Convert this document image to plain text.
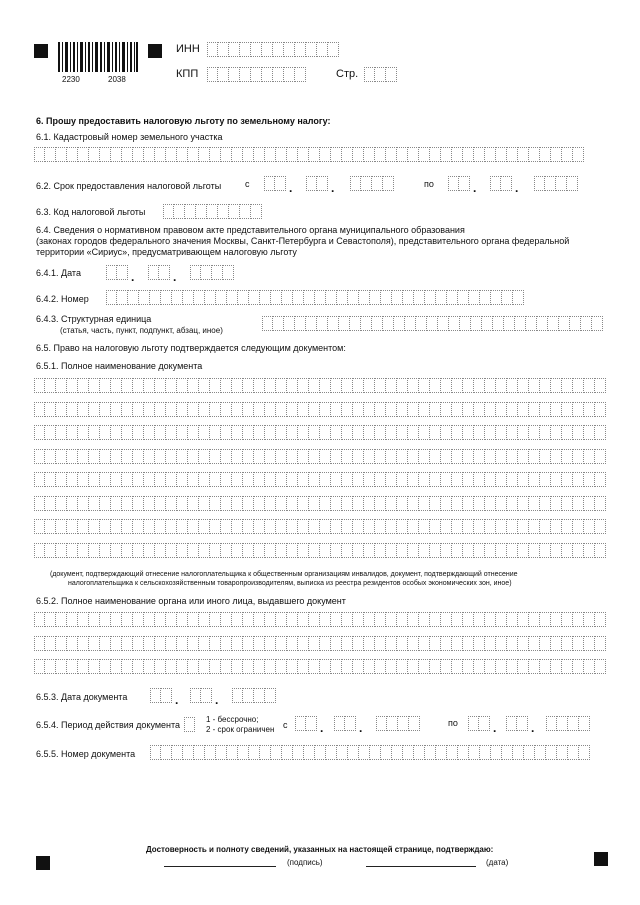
2230	2038
ИНН
КПП	Стр.
6. Прошу предоставить налоговую льготу по земельному налогу:
6.1. Кадастровый номер земельного участка
6.2. Срок предоставления налоговой льготы	с	.	.	по	.	.
6.3. Код налоговой льготы
6.4. Сведения о нормативном правовом акте представительного органа муниципального образования
(законах городов федерального значения Москвы, Санкт-Петербурга и Севастополя), представительного органа федеральной
территории «Сириус», предусматривающем налоговую льготу
6.4.1. Дата	.	.
6.4.2. Номер
6.4.3. Структурная единица
(статья, часть, пункт, подпункт, абзац, иное)
6.5. Право на налоговую льготу подтверждается следующим документом:
6.5.1. Полное наименование документа
(документ, подтверждающий отнесение налогоплательщика к общественным организациям инвалидов, документ, подтверждающий отнесение
налогоплательщика к сельскохозяйственным товаропроизводителям, выписка из реестра резидентов особых экономических зон, иное)
6.5.2. Полное наименование органа или иного лица, выдавшего документ
6.5.3. Дата документа	.	.
6.5.4. Период действия документа
1 - бессрочно;
2 - срок ограничен с	.	.	по	.	.
6.5.5. Номер документа
Достоверность и полноту сведений, указанных на настоящей странице, подтверждаю:
(подпись)	(дата)
